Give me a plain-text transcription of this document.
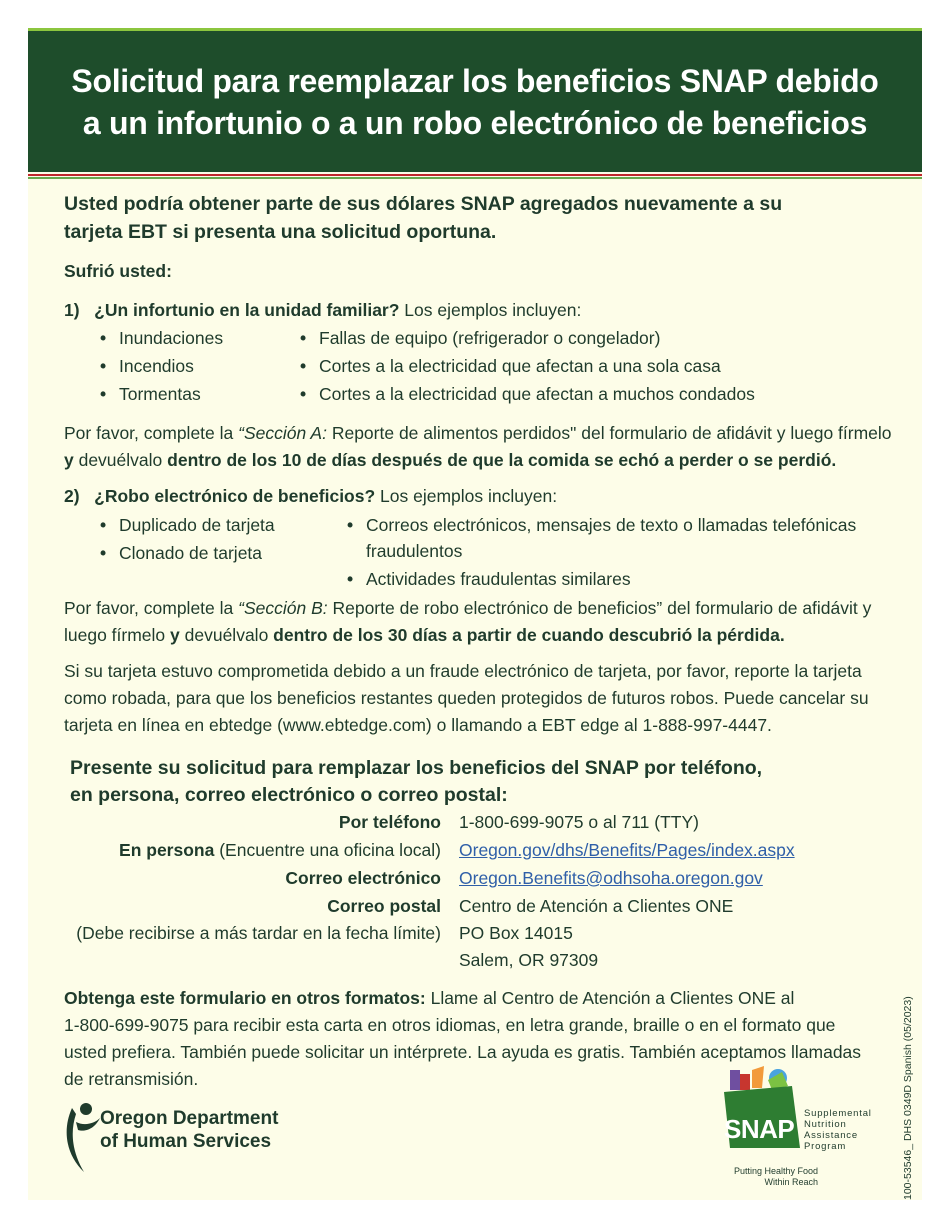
Solicitud para reemplazar los beneficios SNAP debido
a un infortunio o a un robo electrónico de beneficios
Usted podría obtener parte de sus dólares SNAP agregados nuevamente a su
tarjeta EBT si presenta una solicitud oportuna.
Sufrió usted:
1) ¿Un infortunio en la unidad familiar? Los ejemplos incluyen:
• Inundaciones
• Incendios
• Tormentas
• Fallas de equipo (refrigerador o congelador)
• Cortes a la electricidad que afectan a una sola casa
• Cortes a la electricidad que afectan a muchos condados
Por favor, complete la “Sección A: Reporte de alimentos perdidos" del formulario de afidávit y luego fírmelo
y devuélvalo dentro de los 10 de días después de que la comida se echó a perder o se perdió.
2) ¿Robo electrónico de beneficios? Los ejemplos incluyen:
• Duplicado de tarjeta
• Clonado de tarjeta
• Correos electrónicos, mensajes de texto o llamadas telefónicas
fraudulentos
• Actividades fraudulentas similares
Por favor, complete la “Sección B: Reporte de robo electrónico de beneficios” del formulario de afidávit y
luego fírmelo y devuélvalo dentro de los 30 días a partir de cuando descubrió la pérdida.
Si su tarjeta estuvo comprometida debido a un fraude electrónico de tarjeta, por favor, reporte la tarjeta
como robada, para que los beneficios restantes queden protegidos de futuros robos. Puede cancelar su
tarjeta en línea en ebtedge (www.ebtedge.com) o llamando a EBT edge al 1-888-997-4447.
Presente su solicitud para remplazar los beneficios del SNAP por teléfono,
en persona, correo electrónico o correo postal:
Por teléfono 1-800-699-9075 o al 711 (TTY)
En persona (Encuentre una oficina local) Oregon.gov/dhs/Benefits/Pages/index.aspx
Correo electrónico Oregon.Benefits@odhsoha.oregon.gov
Correo postal
(Debe recibirse a más tardar en la fecha límite)
Centro de Atención a Clientes ONE
PO Box 14015
Salem, OR 97309
Obtenga este formulario en otros formatos: Llame al Centro de Atención a Clientes ONE al
1-800-699-9075 para recibir esta carta en otros idiomas, en letra grande, braille o en el formato que
usted prefiera. También puede solicitar un intérprete. La ayuda es gratis. También aceptamos llamadas
de retransmisión.
Oregon Department
of Human Services	SNAP
Supplemental
Nutrition
Assistance
Program
Putting Healthy Food
Within Reach	100-53546_ DHS 0349D Spanish (05/2023)
